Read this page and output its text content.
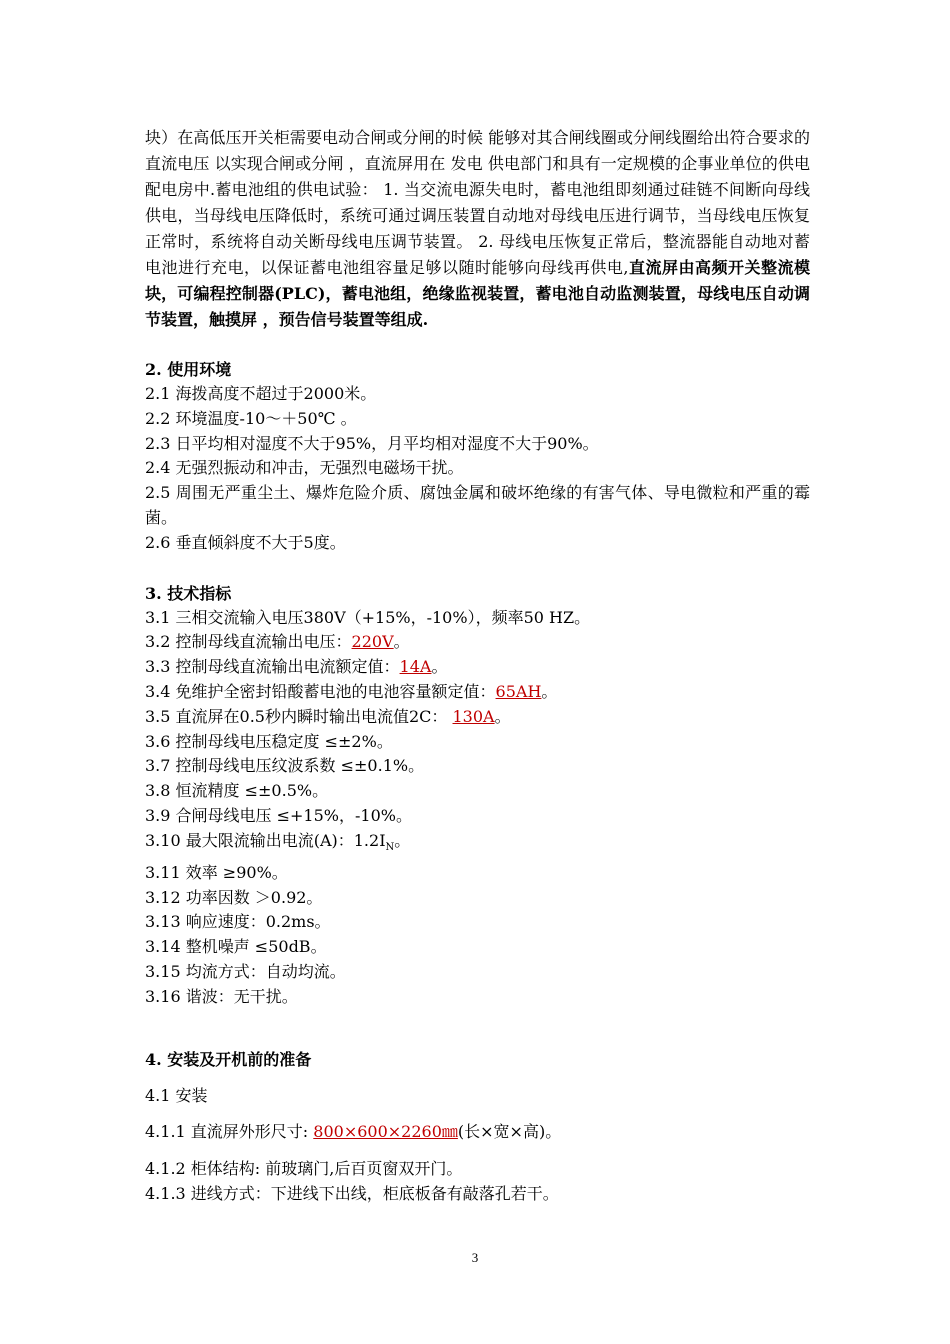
块）在高低压开关柜需要电动合闸或分闸的时候 能够对其合闸线圈或分闸线圈给出符合要求的直流电压 以实现合闸或分闸 ，直流屏用在 发电 供电部门和具有一定规模的企事业单位的供电 配电房中.蓄电池组的供电试验： 1. 当交流电源失电时，蓄电池组即刻通过硅链不间断向母线供电，当母线电压降低时，系统可通过调压装置自动地对母线电压进行调节，当母线电压恢复正常时，系统将自动关断母线电压调节装置。 2. 母线电压恢复正常后，整流器能自动地对蓄电池进行充电，以保证蓄电池组容量足够以随时能够向母线再供电,直流屏由高频开关整流模块，可编程控制器(PLC)，蓄电池组，绝缘监视装置，蓄电池自动监测装置，母线电压自动调节装置，触摸屏 ，预告信号装置等组成.

2. 使用环境

2.1 海拨高度不超过于2000米。

2.2 环境温度-10～＋50℃ 。

2.3 日平均相对湿度不大于95%，月平均相对湿度不大于90%。

2.4 无强烈振动和冲击，无强烈电磁场干扰。

2.5 周围无严重尘土、爆炸危险介质、腐蚀金属和破坏绝缘的有害气体、导电微粒和严重的霉菌。

2.6 垂直倾斜度不大于5度。

3. 技术指标

3.1 三相交流输入电压380V（+15%，-10%），频率50 HZ。

3.2 控制母线直流输出电压：220V。

3.3 控制母线直流输出电流额定值：14A。

3.4 免维护全密封铅酸蓄电池的电池容量额定值：65AH。

3.5 直流屏在0.5秒内瞬时输出电流值2C： 130A。

3.6 控制母线电压稳定度 ≤±2%。

3.7 控制母线电压纹波系数 ≤±0.1%。

3.8 恒流精度 ≤±0.5%。

3.9 合闸母线电压 ≤+15%，-10%。

3.10 最大限流输出电流(A)：$1.2I_N$。

3.11 效率 ≥90%。

3.12 功率因数 ＞0.92。

3.13 响应速度：0.2ms。

3.14 整机噪声 ≤50dB。

3.15 均流方式：自动均流。

3.16 谐波：无干扰。

4. 安装及开机前的准备

4.1 安装

4.1.1 直流屏外形尺寸: 800×600×2260㎜(长×宽×高)。

4.1.2 柜体结构: 前玻璃门,后百页窗双开门。

4.1.3 进线方式：下进线下出线，柜底板备有敲落孔若干。

3
